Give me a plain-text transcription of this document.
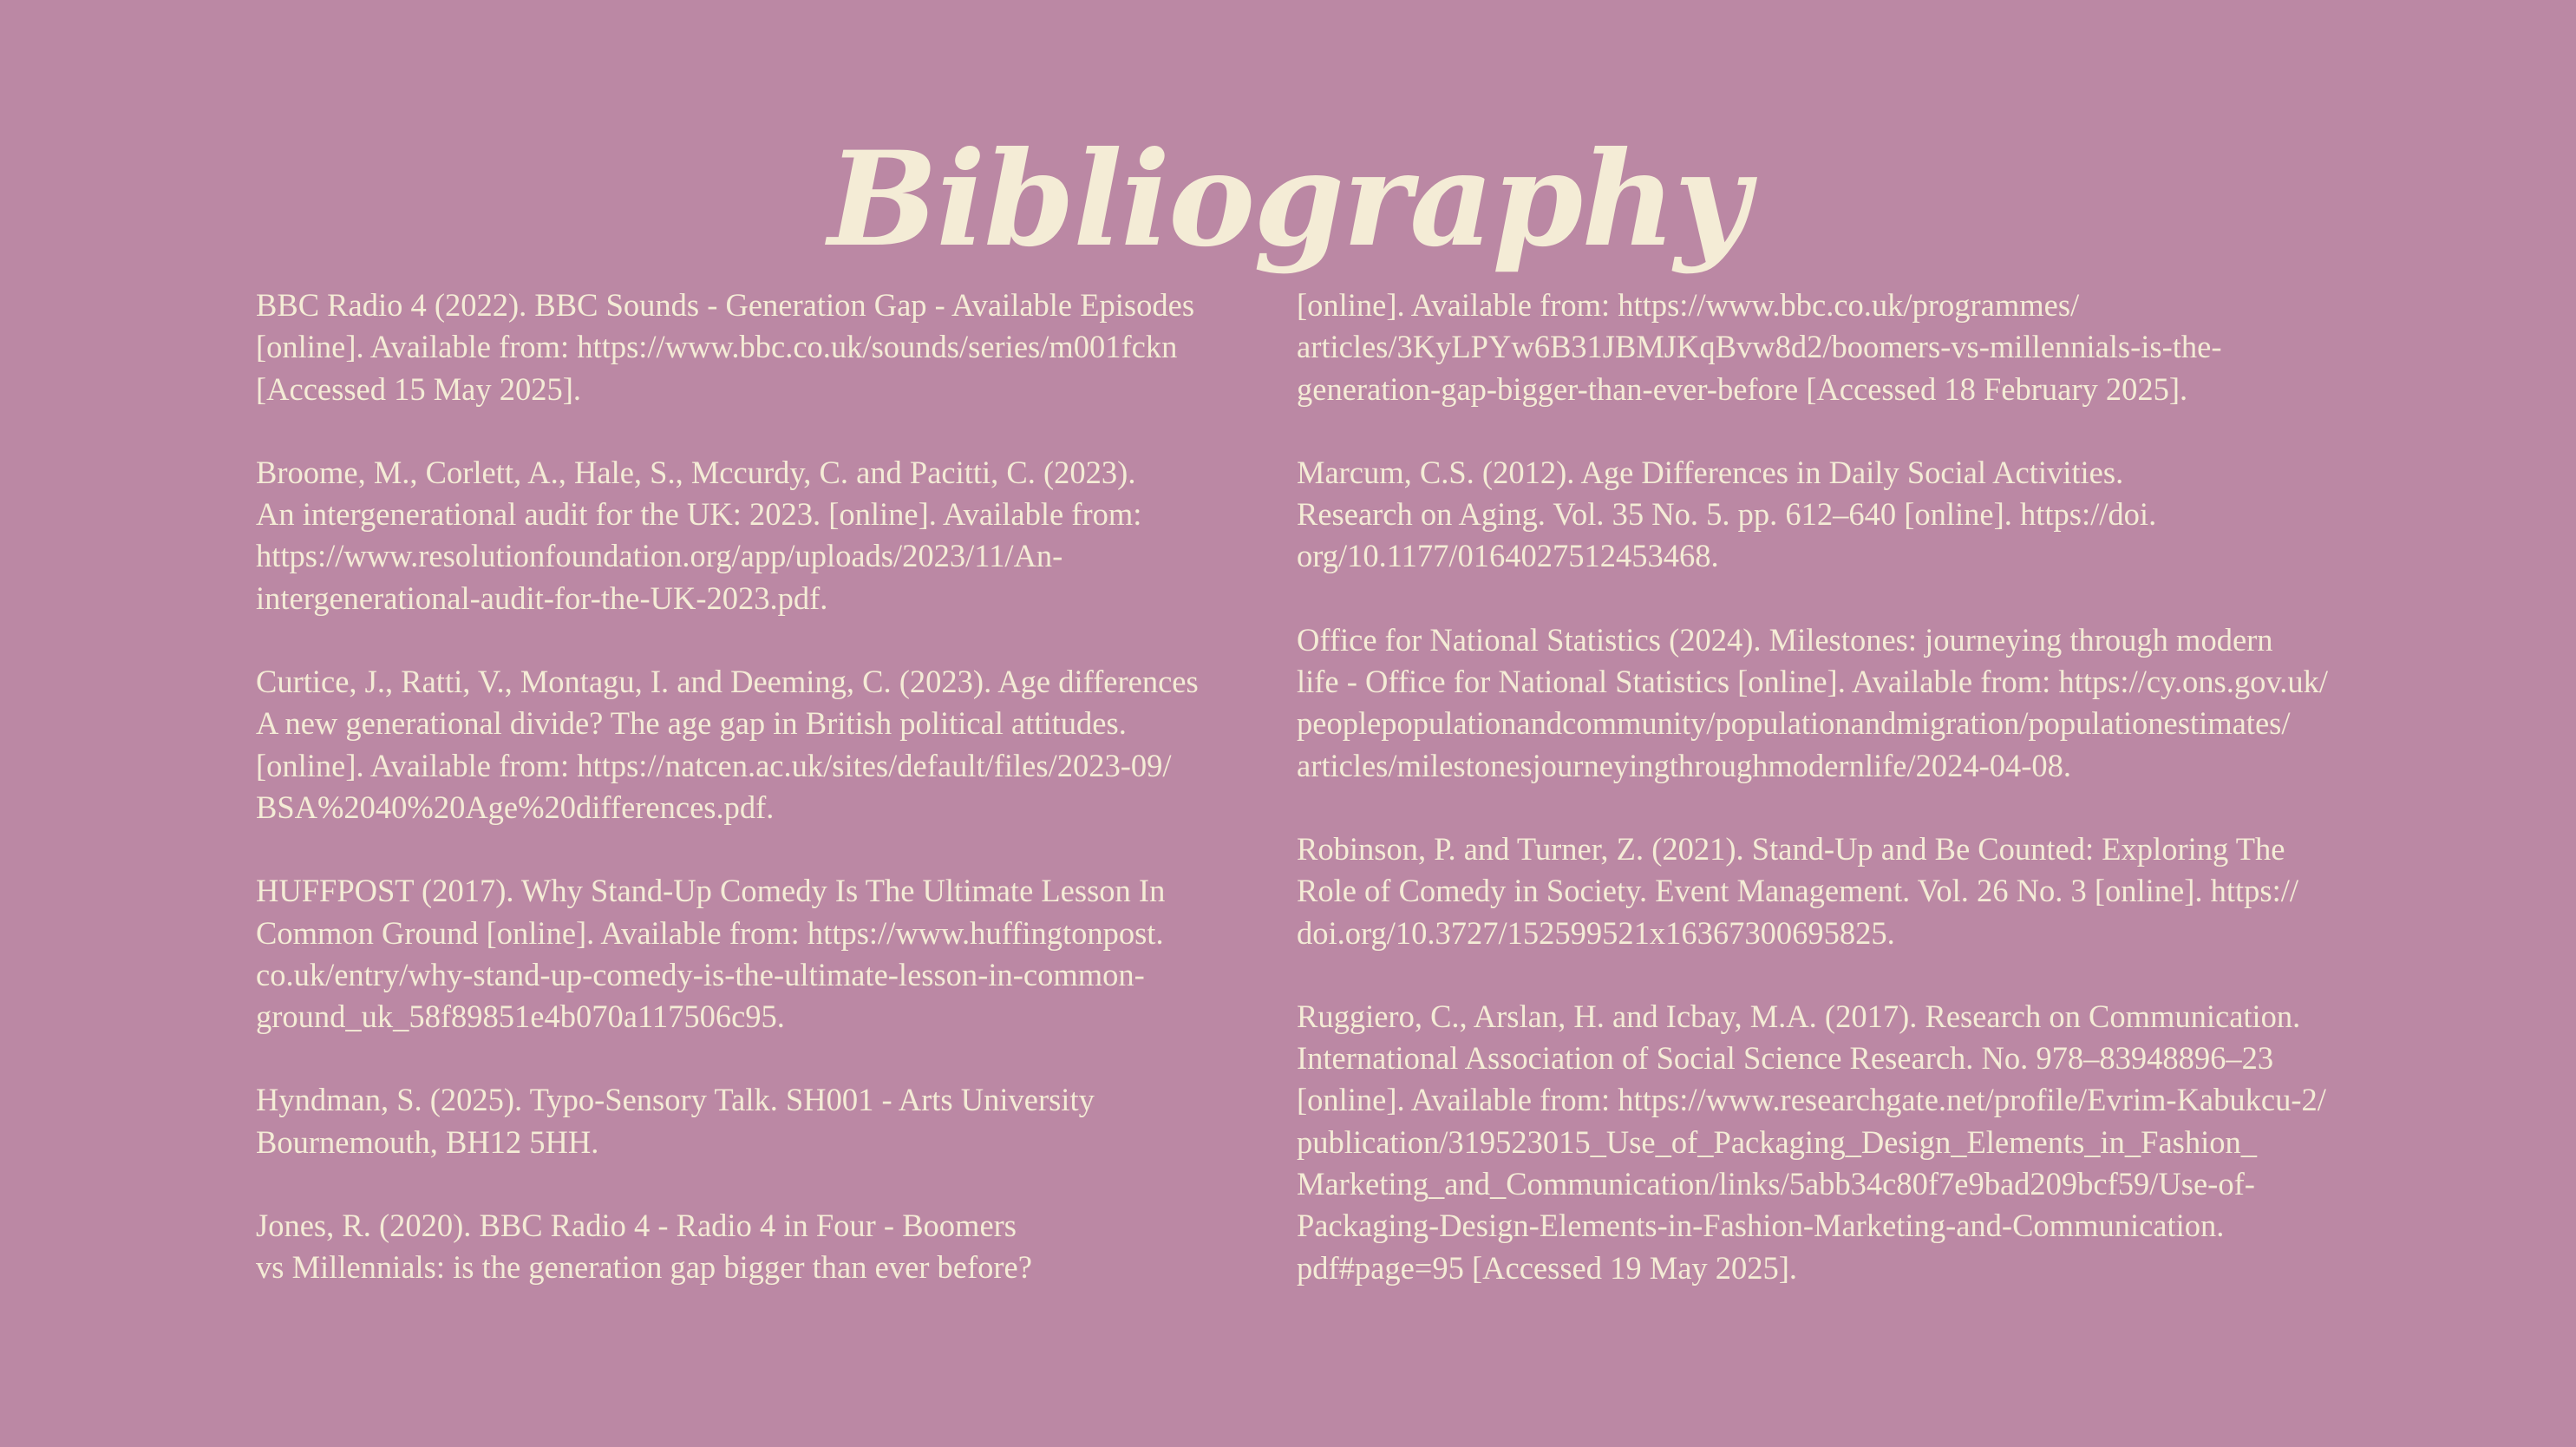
Bibliography

BBC Radio 4 (2022). BBC Sounds - Generation Gap - Available Episodes
[online]. Available from: https://www.bbc.co.uk/sounds/series/m001fckn
[Accessed 15 May 2025].

Broome, M., Corlett, A., Hale, S., Mccurdy, C. and Pacitti, C. (2023).
An intergenerational audit for the UK: 2023. [online]. Available from:
https://www.resolutionfoundation.org/app/uploads/2023/11/An-
intergenerational-audit-for-the-UK-2023.pdf.

Curtice, J., Ratti, V., Montagu, I. and Deeming, C. (2023). Age differences
A new generational divide? The age gap in British political attitudes.
[online]. Available from: https://natcen.ac.uk/sites/default/files/2023-09/
BSA%2040%20Age%20differences.pdf.

HUFFPOST (2017). Why Stand-Up Comedy Is The Ultimate Lesson In
Common Ground [online]. Available from: https://www.huffingtonpost.
co.uk/entry/why-stand-up-comedy-is-the-ultimate-lesson-in-common-
ground_uk_58f89851e4b070a117506c95.

Hyndman, S. (2025). Typo-Sensory Talk. SH001 - Arts University
Bournemouth, BH12 5HH.

Jones, R. (2020). BBC Radio 4 - Radio 4 in Four - Boomers
vs Millennials: is the generation gap bigger than ever before?

[online]. Available from: https://www.bbc.co.uk/programmes/
articles/3KyLPYw6B31JBMJKqBvw8d2/boomers-vs-millennials-is-the-
generation-gap-bigger-than-ever-before [Accessed 18 February 2025].

Marcum, C.S. (2012). Age Differences in Daily Social Activities.
Research on Aging. Vol. 35 No. 5. pp. 612–640 [online]. https://doi.
org/10.1177/0164027512453468.

Office for National Statistics (2024). Milestones: journeying through modern
life - Office for National Statistics [online]. Available from: https://cy.ons.gov.uk/
peoplepopulationandcommunity/populationandmigration/populationestimates/
articles/milestonesjourneyingthroughmodernlife/2024-04-08.

Robinson, P. and Turner, Z. (2021). Stand-Up and Be Counted: Exploring The
Role of Comedy in Society. Event Management. Vol. 26 No. 3 [online]. https://
doi.org/10.3727/152599521x16367300695825.

Ruggiero, C., Arslan, H. and Icbay, M.A. (2017). Research on Communication.
International Association of Social Science Research. No. 978–83948896–23
[online]. Available from: https://www.researchgate.net/profile/Evrim-Kabukcu-2/
publication/319523015_Use_of_Packaging_Design_Elements_in_Fashion_
Marketing_and_Communication/links/5abb34c80f7e9bad209bcf59/Use-of-
Packaging-Design-Elements-in-Fashion-Marketing-and-Communication.
pdf#page=95 [Accessed 19 May 2025].
